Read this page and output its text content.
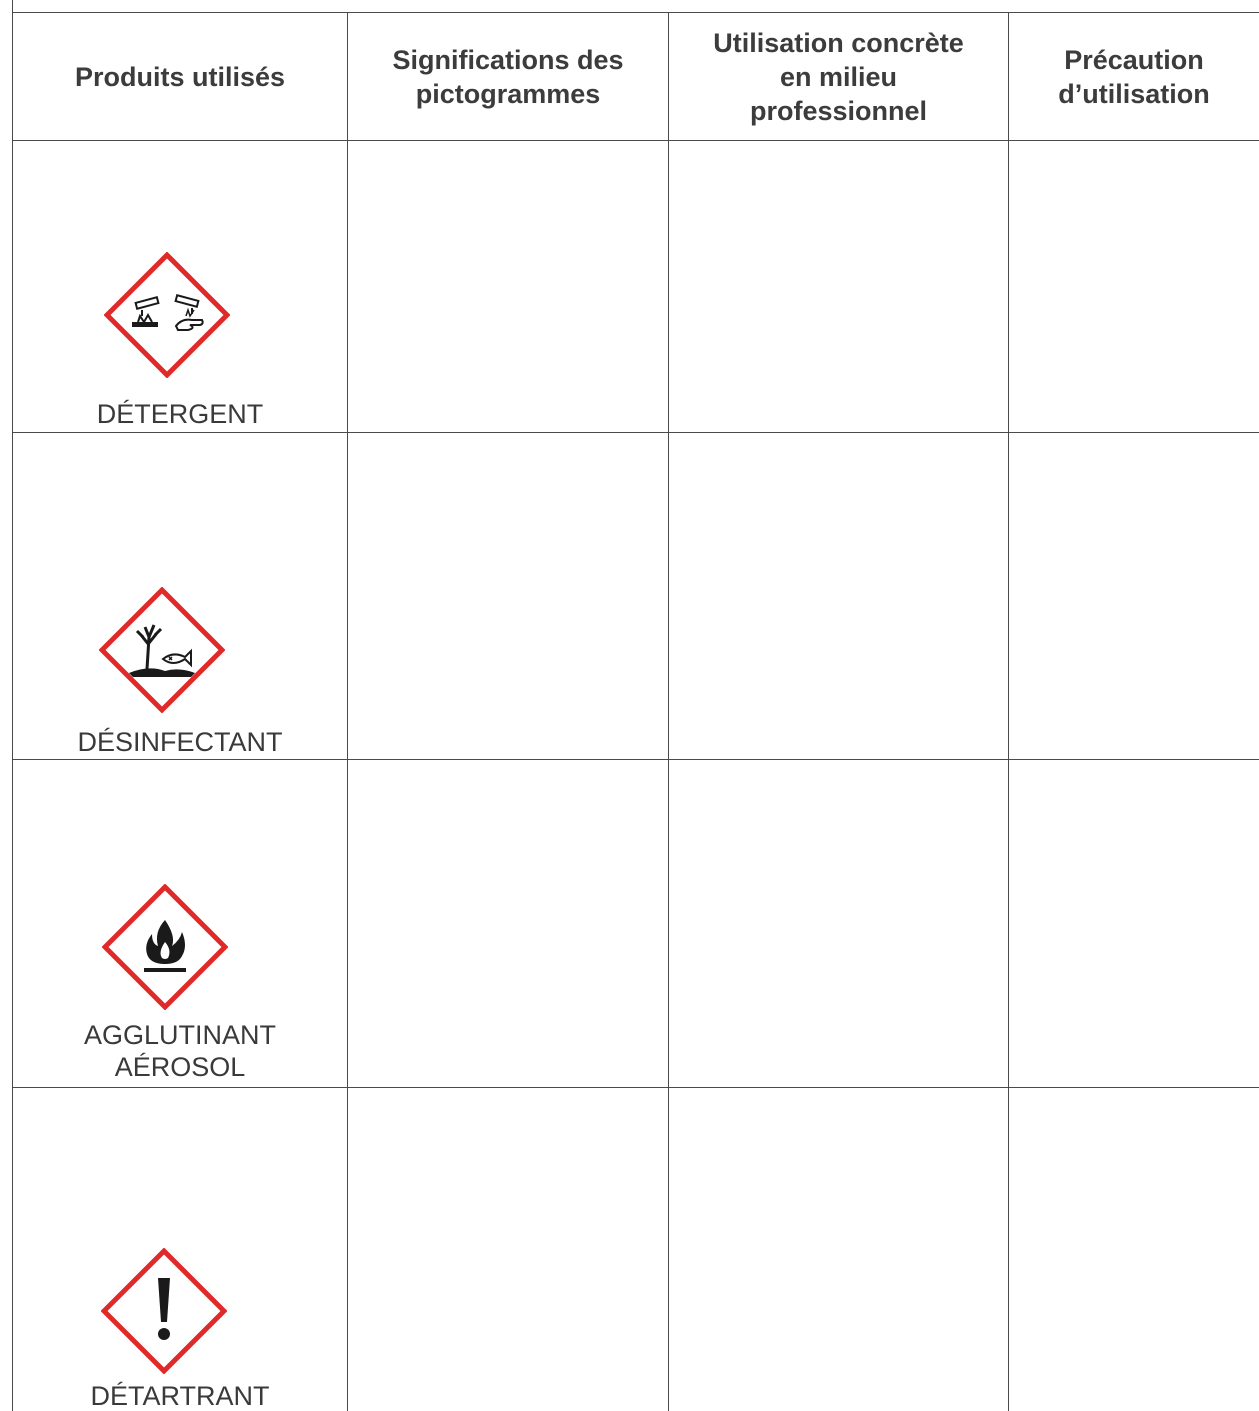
Produits utilisés
Significations des
pictogrammes
Utilisation concrète
en milieu
professionnel
Précaution
d’utilisation
DÉTERGENT
DÉSINFECTANT
AGGLUTINANT
AÉROSOL
DÉTARTRANT
